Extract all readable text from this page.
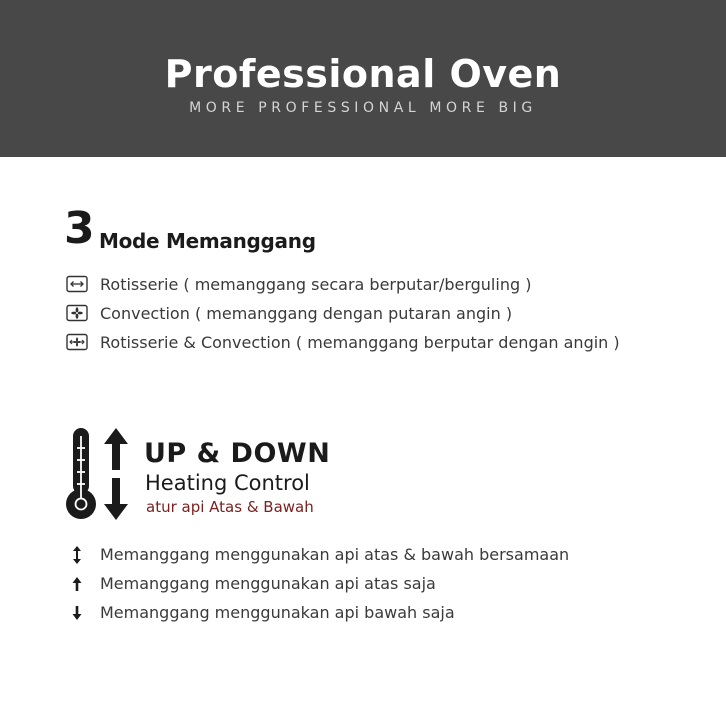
Professional Oven
MORE PROFESSIONAL MORE BIG
3 Mode Memanggang
Rotisserie ( memanggang secara berputar/berguling )
Convection ( memanggang dengan putaran angin )
Rotisserie & Convection ( memanggang berputar dengan angin )
UP & DOWN
Heating Control
atur api Atas & Bawah
Memanggang menggunakan api atas & bawah bersamaan
Memanggang menggunakan api atas saja
Memanggang menggunakan api bawah saja
